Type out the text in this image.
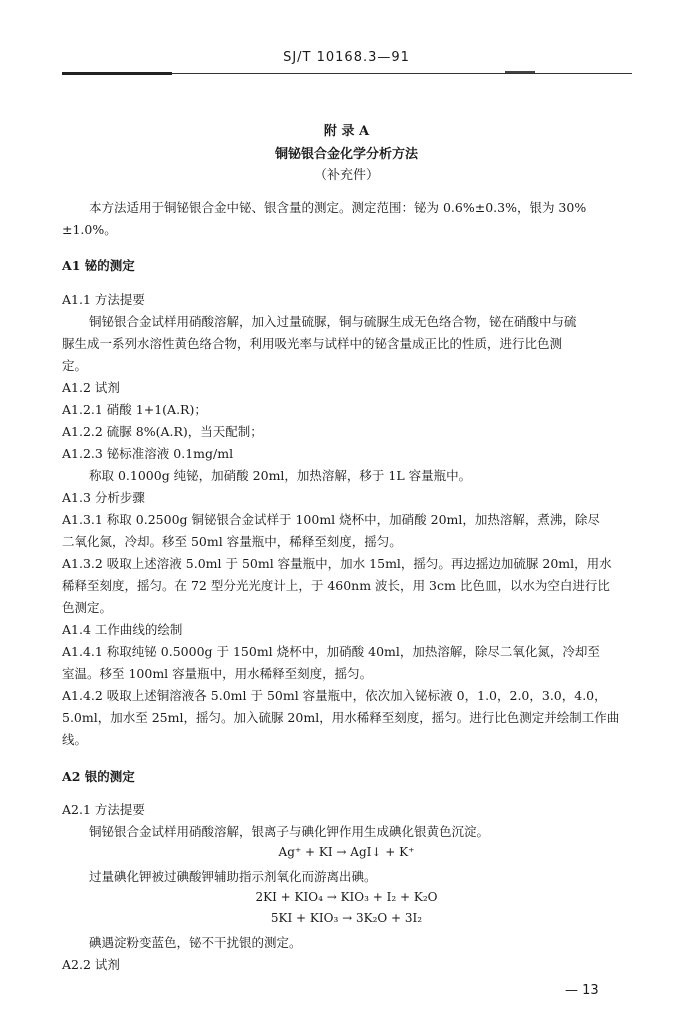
SJ/T 10168.3—91
附 录 A
铜铋银合金化学分析方法
（补充件）
本方法适用于铜铋银合金中铋、银含量的测定。测定范围：铋为 0.6%±0.3%，银为 30%
±1.0%。
A1 铋的测定
A1.1 方法提要
铜铋银合金试样用硝酸溶解，加入过量硫脲，铜与硫脲生成无色络合物，铋在硝酸中与硫
脲生成一系列水溶性黄色络合物，利用吸光率与试样中的铋含量成正比的性质，进行比色测
定。
A1.2 试剂
A1.2.1 硝酸 1+1(A.R)；
A1.2.2 硫脲 8%(A.R)，当天配制；
A1.2.3 铋标准溶液 0.1mg/ml
称取 0.1000g 纯铋，加硝酸 20ml，加热溶解，移于 1L 容量瓶中。
A1.3 分析步骤
A1.3.1 称取 0.2500g 铜铋银合金试样于 100ml 烧杯中，加硝酸 20ml，加热溶解，煮沸，除尽
二氧化氮，冷却。移至 50ml 容量瓶中，稀释至刻度，摇匀。
A1.3.2 吸取上述溶液 5.0ml 于 50ml 容量瓶中，加水 15ml，摇匀。再边摇边加硫脲 20ml，用水
稀释至刻度，摇匀。在 72 型分光光度计上，于 460nm 波长，用 3cm 比色皿，以水为空白进行比
色测定。
A1.4 工作曲线的绘制
A1.4.1 称取纯铋 0.5000g 于 150ml 烧杯中，加硝酸 40ml，加热溶解，除尽二氧化氮，冷却至
室温。移至 100ml 容量瓶中，用水稀释至刻度，摇匀。
A1.4.2 吸取上述铜溶液各 5.0ml 于 50ml 容量瓶中，依次加入铋标液 0，1.0，2.0，3.0，4.0，
5.0ml，加水至 25ml，摇匀。加入硫脲 20ml，用水稀释至刻度，摇匀。进行比色测定并绘制工作曲
线。
A2 银的测定
A2.1 方法提要
铜铋银合金试样用硝酸溶解，银离子与碘化钾作用生成碘化银黄色沉淀。
Ag⁺ + KI → AgI↓ + K⁺
过量碘化钾被过碘酸钾辅助指示剂氧化而游离出碘。
2KI + KIO₄ → KIO₃ + I₂ + K₂O
5KI + KIO₃ → 3K₂O + 3I₂
碘遇淀粉变蓝色，铋不干扰银的测定。
A2.2 试剂
— 13
